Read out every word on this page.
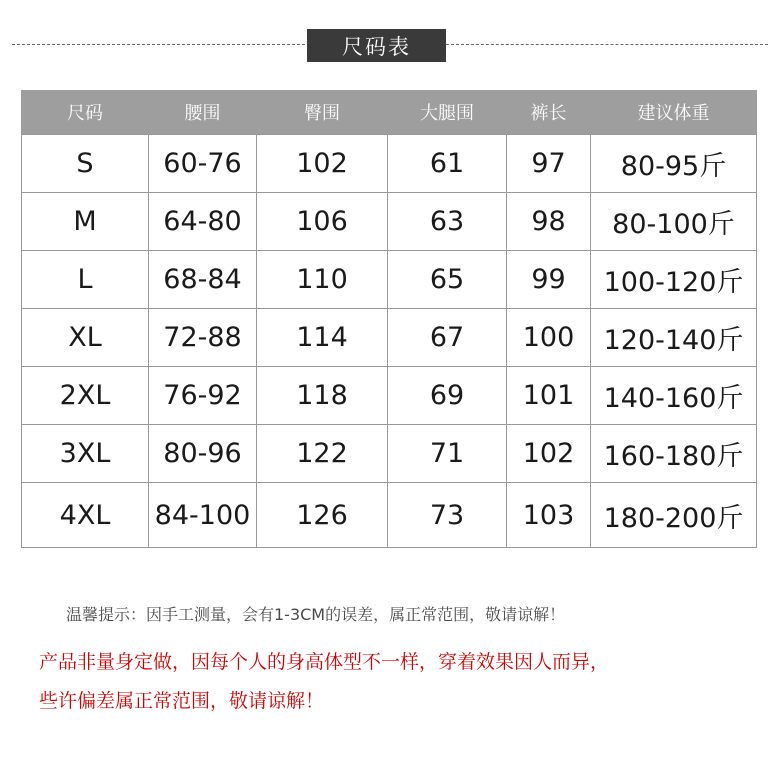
尺码表
尺码	腰围	臀围	大腿围	裤长	建议体重
S	60-76	102	61	97	80-95斤
M	64-80	106	63	98	80-100斤
L	68-84	110	65	99	100-120斤
XL	72-88	114	67	100	120-140斤
2XL	76-92	118	69	101	140-160斤
3XL	80-96	122	71	102	160-180斤
4XL	84-100	126	73	103	180-200斤
温馨提示：因手工测量，会有1-3CM的误差，属正常范围，敬请谅解！
产品非量身定做，因每个人的身高体型不一样，穿着效果因人而异，
些许偏差属正常范围，敬请谅解！
